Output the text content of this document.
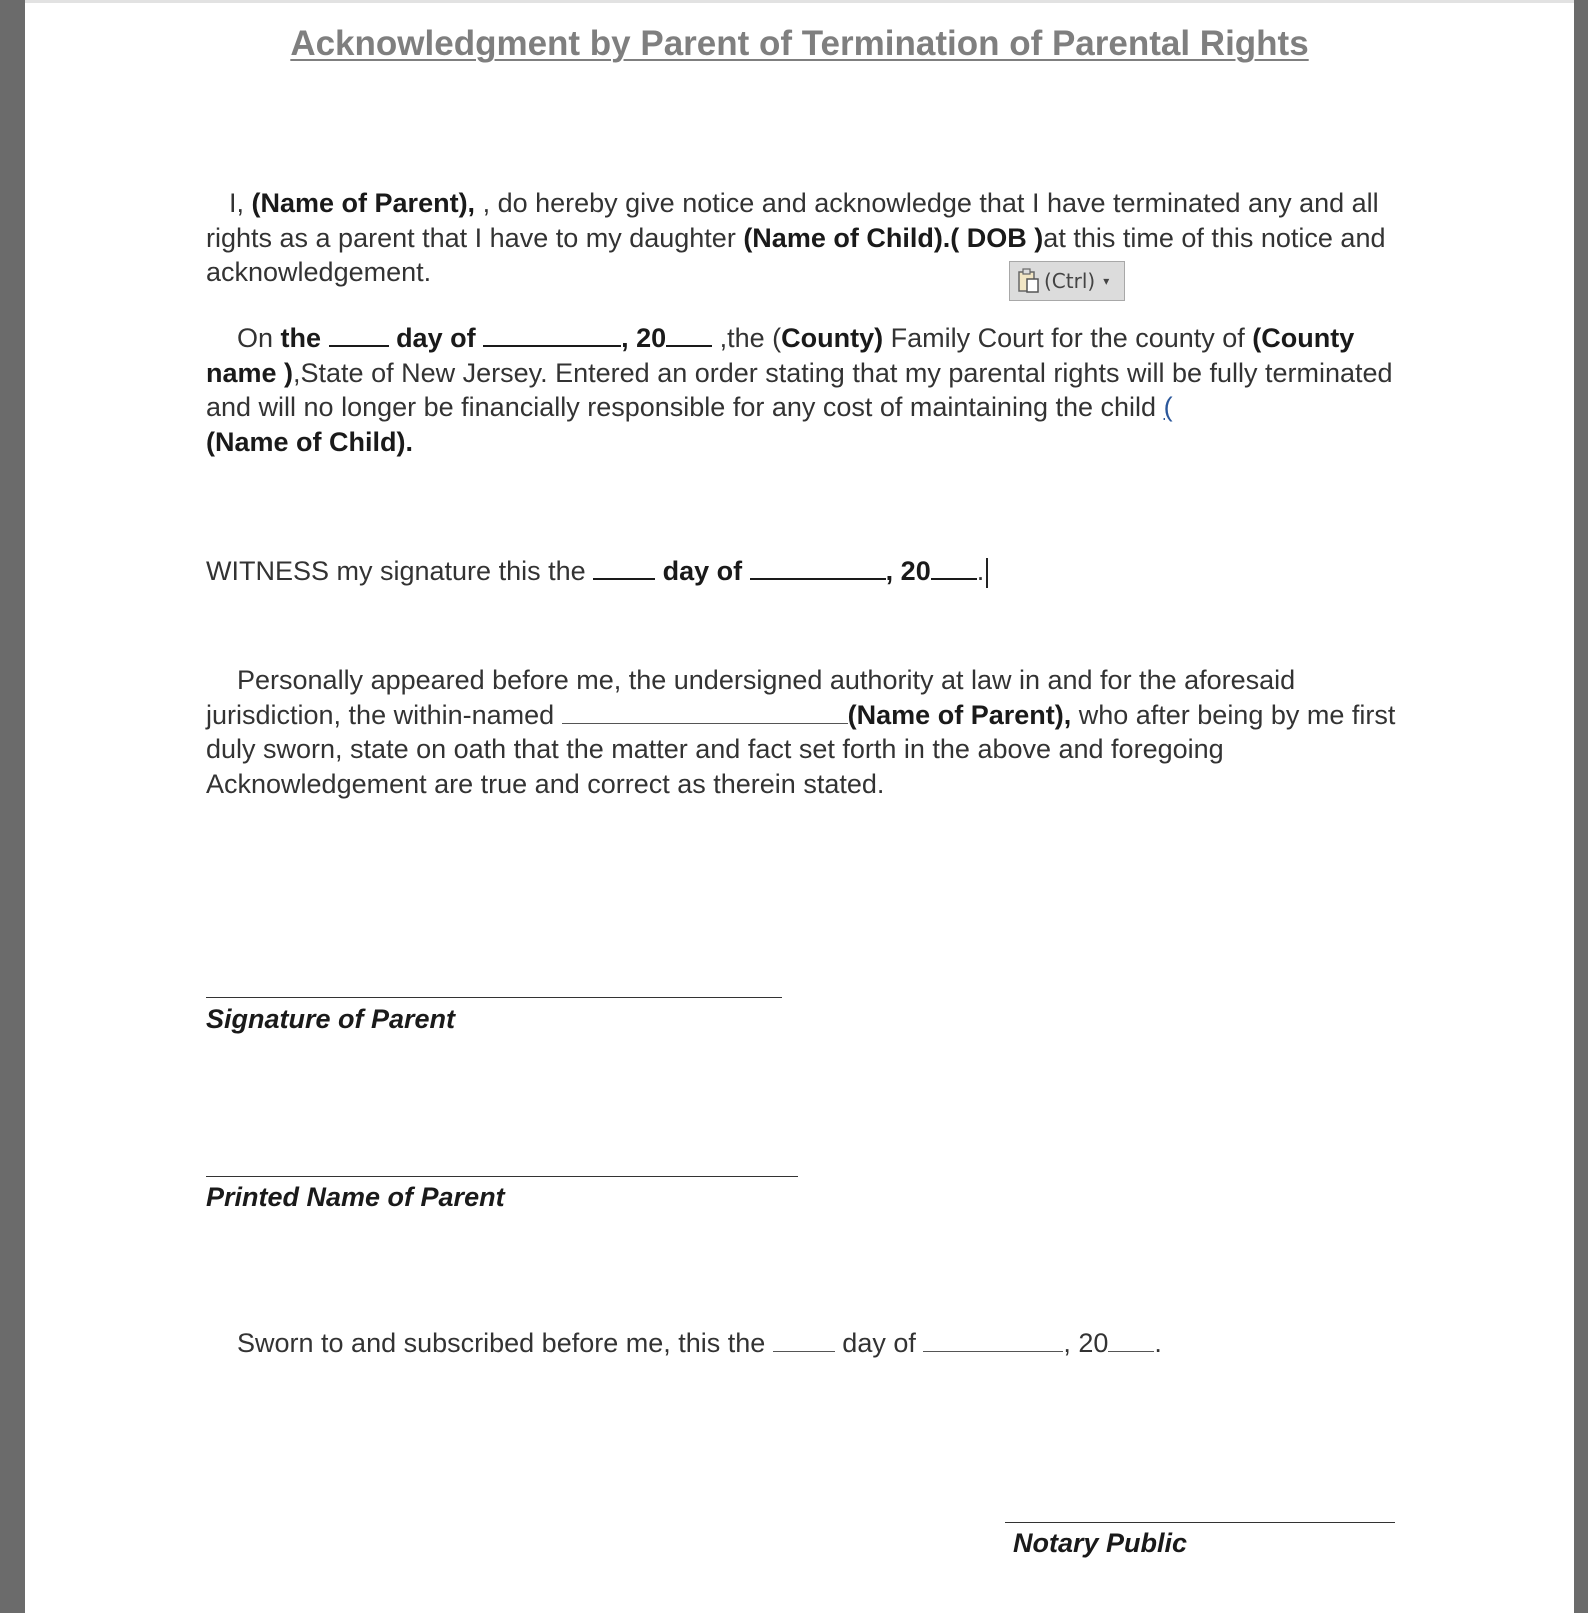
Acknowledgment by Parent of Termination of Parental Rights
I, (Name of Parent), , do hereby give notice and acknowledge that I have terminated any and all rights as a parent that I have to my daughter (Name of Child).( DOB )at this time of this notice and acknowledgement.	(Ctrl) ▾
On the	day of	, 20 ,the (County) Family Court for the county of (County name ),State of New Jersey. Entered an order stating that my parental rights will be fully terminated and will no longer be financially responsible for any cost of maintaining the child (
(Name of Child).
WITNESS my signature this the	day of	, 20 .
Personally appeared before me, the undersigned authority at law in and for the aforesaid jurisdiction, the within-named	(Name of Parent), who after being by me first duly sworn, state on oath that the matter and fact set forth in the above and foregoing Acknowledgement are true and correct as therein stated.
Signature of Parent
Printed Name of Parent
Sworn to and subscribed before me, this the  day of	, 20 .
Notary Public
